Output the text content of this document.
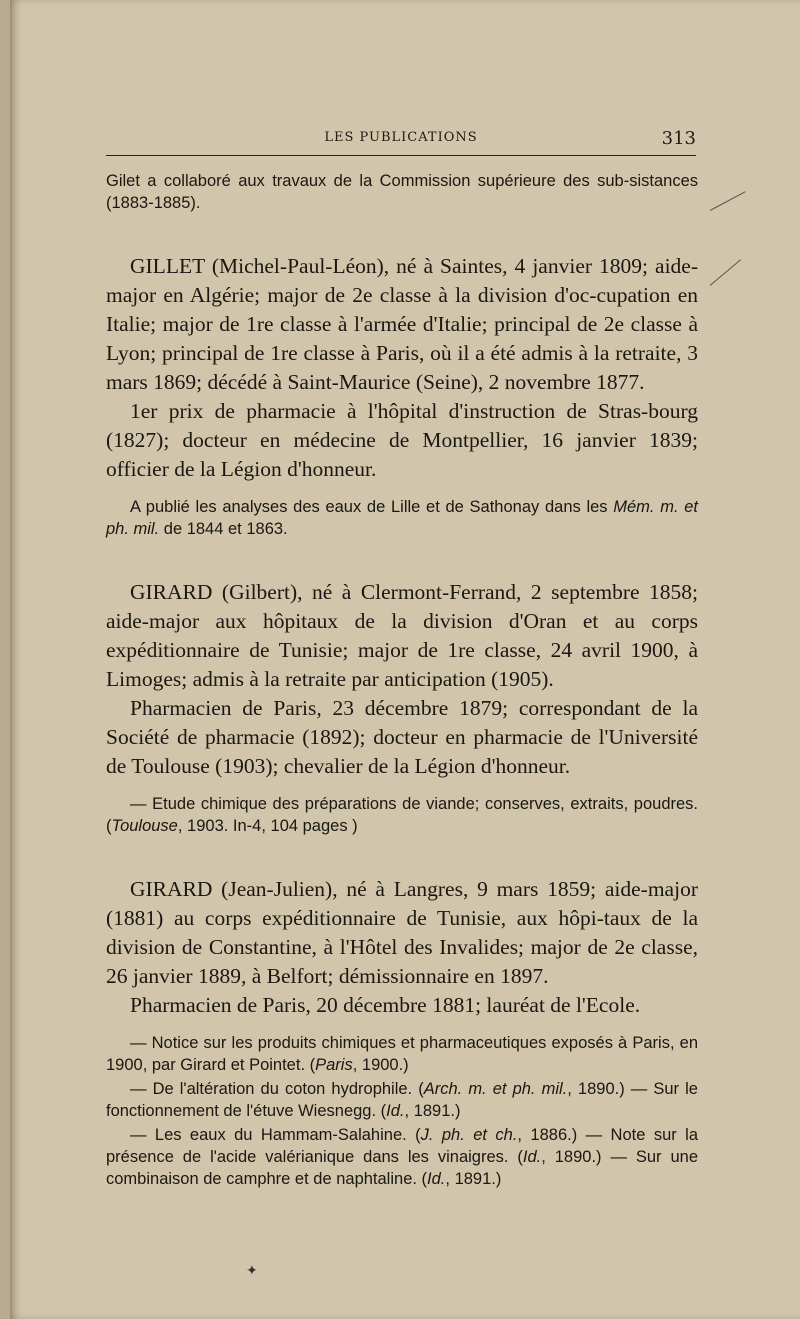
LES PUBLICATIONS	313

Gilet a collaboré aux travaux de la Commission supérieure des sub-sistances (1883-1885).

GILLET (Michel-Paul-Léon), né à Saintes, 4 janvier 1809; aide-major en Algérie; major de 2e classe à la division d'oc-cupation en Italie; major de 1re classe à l'armée d'Italie; principal de 2e classe à Lyon; principal de 1re classe à Paris, où il a été admis à la retraite, 3 mars 1869; décédé à Saint-Maurice (Seine), 2 novembre 1877.

1er prix de pharmacie à l'hôpital d'instruction de Stras-bourg (1827); docteur en médecine de Montpellier, 16 janvier 1839; officier de la Légion d'honneur.

A publié les analyses des eaux de Lille et de Sathonay dans les Mém. m. et ph. mil. de 1844 et 1863.

GIRARD (Gilbert), né à Clermont-Ferrand, 2 septembre 1858; aide-major aux hôpitaux de la division d'Oran et au corps expéditionnaire de Tunisie; major de 1re classe, 24 avril 1900, à Limoges; admis à la retraite par anticipation (1905).

Pharmacien de Paris, 23 décembre 1879; correspondant de la Société de pharmacie (1892); docteur en pharmacie de l'Université de Toulouse (1903); chevalier de la Légion d'honneur.

— Etude chimique des préparations de viande; conserves, extraits, poudres. (Toulouse, 1903. In-4, 104 pages )

GIRARD (Jean-Julien), né à Langres, 9 mars 1859; aide-major (1881) au corps expéditionnaire de Tunisie, aux hôpi-taux de la division de Constantine, à l'Hôtel des Invalides; major de 2e classe, 26 janvier 1889, à Belfort; démissionnaire en 1897.

Pharmacien de Paris, 20 décembre 1881; lauréat de l'Ecole.

— Notice sur les produits chimiques et pharmaceutiques exposés à Paris, en 1900, par Girard et Pointet. (Paris, 1900.)

— De l'altération du coton hydrophile. (Arch. m. et ph. mil., 1890.) — Sur le fonctionnement de l'étuve Wiesnegg. (Id., 1891.)

— Les eaux du Hammam-Salahine. (J. ph. et ch., 1886.) — Note sur la présence de l'acide valérianique dans les vinaigres. (Id., 1890.) — Sur une combinaison de camphre et de naphtaline. (Id., 1891.)

✦
